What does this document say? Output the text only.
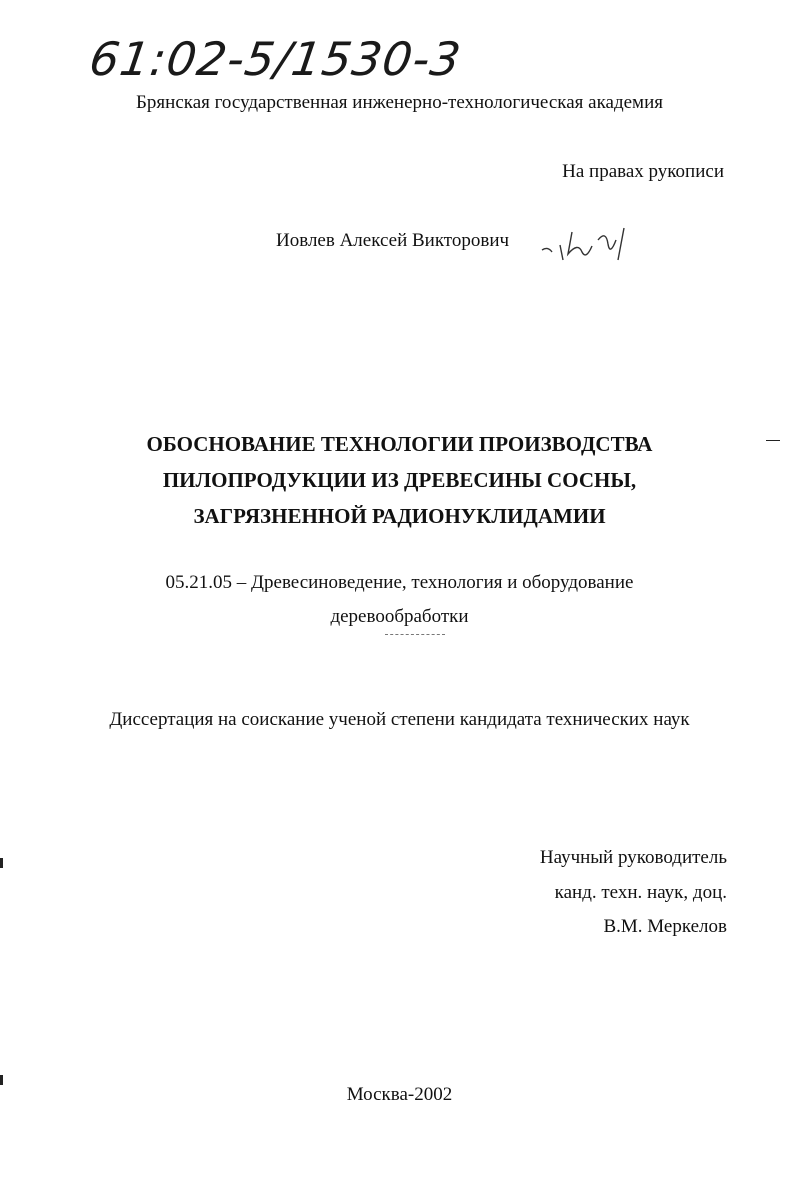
61:02-5/1530-3
Брянская государственная инженерно-технологическая академия
На правах рукописи
Иовлев Алексей Викторович
ОБОСНОВАНИЕ ТЕХНОЛОГИИ ПРОИЗВОДСТВА
ПИЛОПРОДУКЦИИ ИЗ ДРЕВЕСИНЫ СОСНЫ,
ЗАГРЯЗНЕННОЙ РАДИОНУКЛИДАМИИ
05.21.05 – Древесиноведение, технология и оборудование
деревообработки
Диссертация на соискание ученой степени кандидата технических наук
Научный руководитель
канд. техн. наук, доц.
В.М. Меркелов
Москва-2002
